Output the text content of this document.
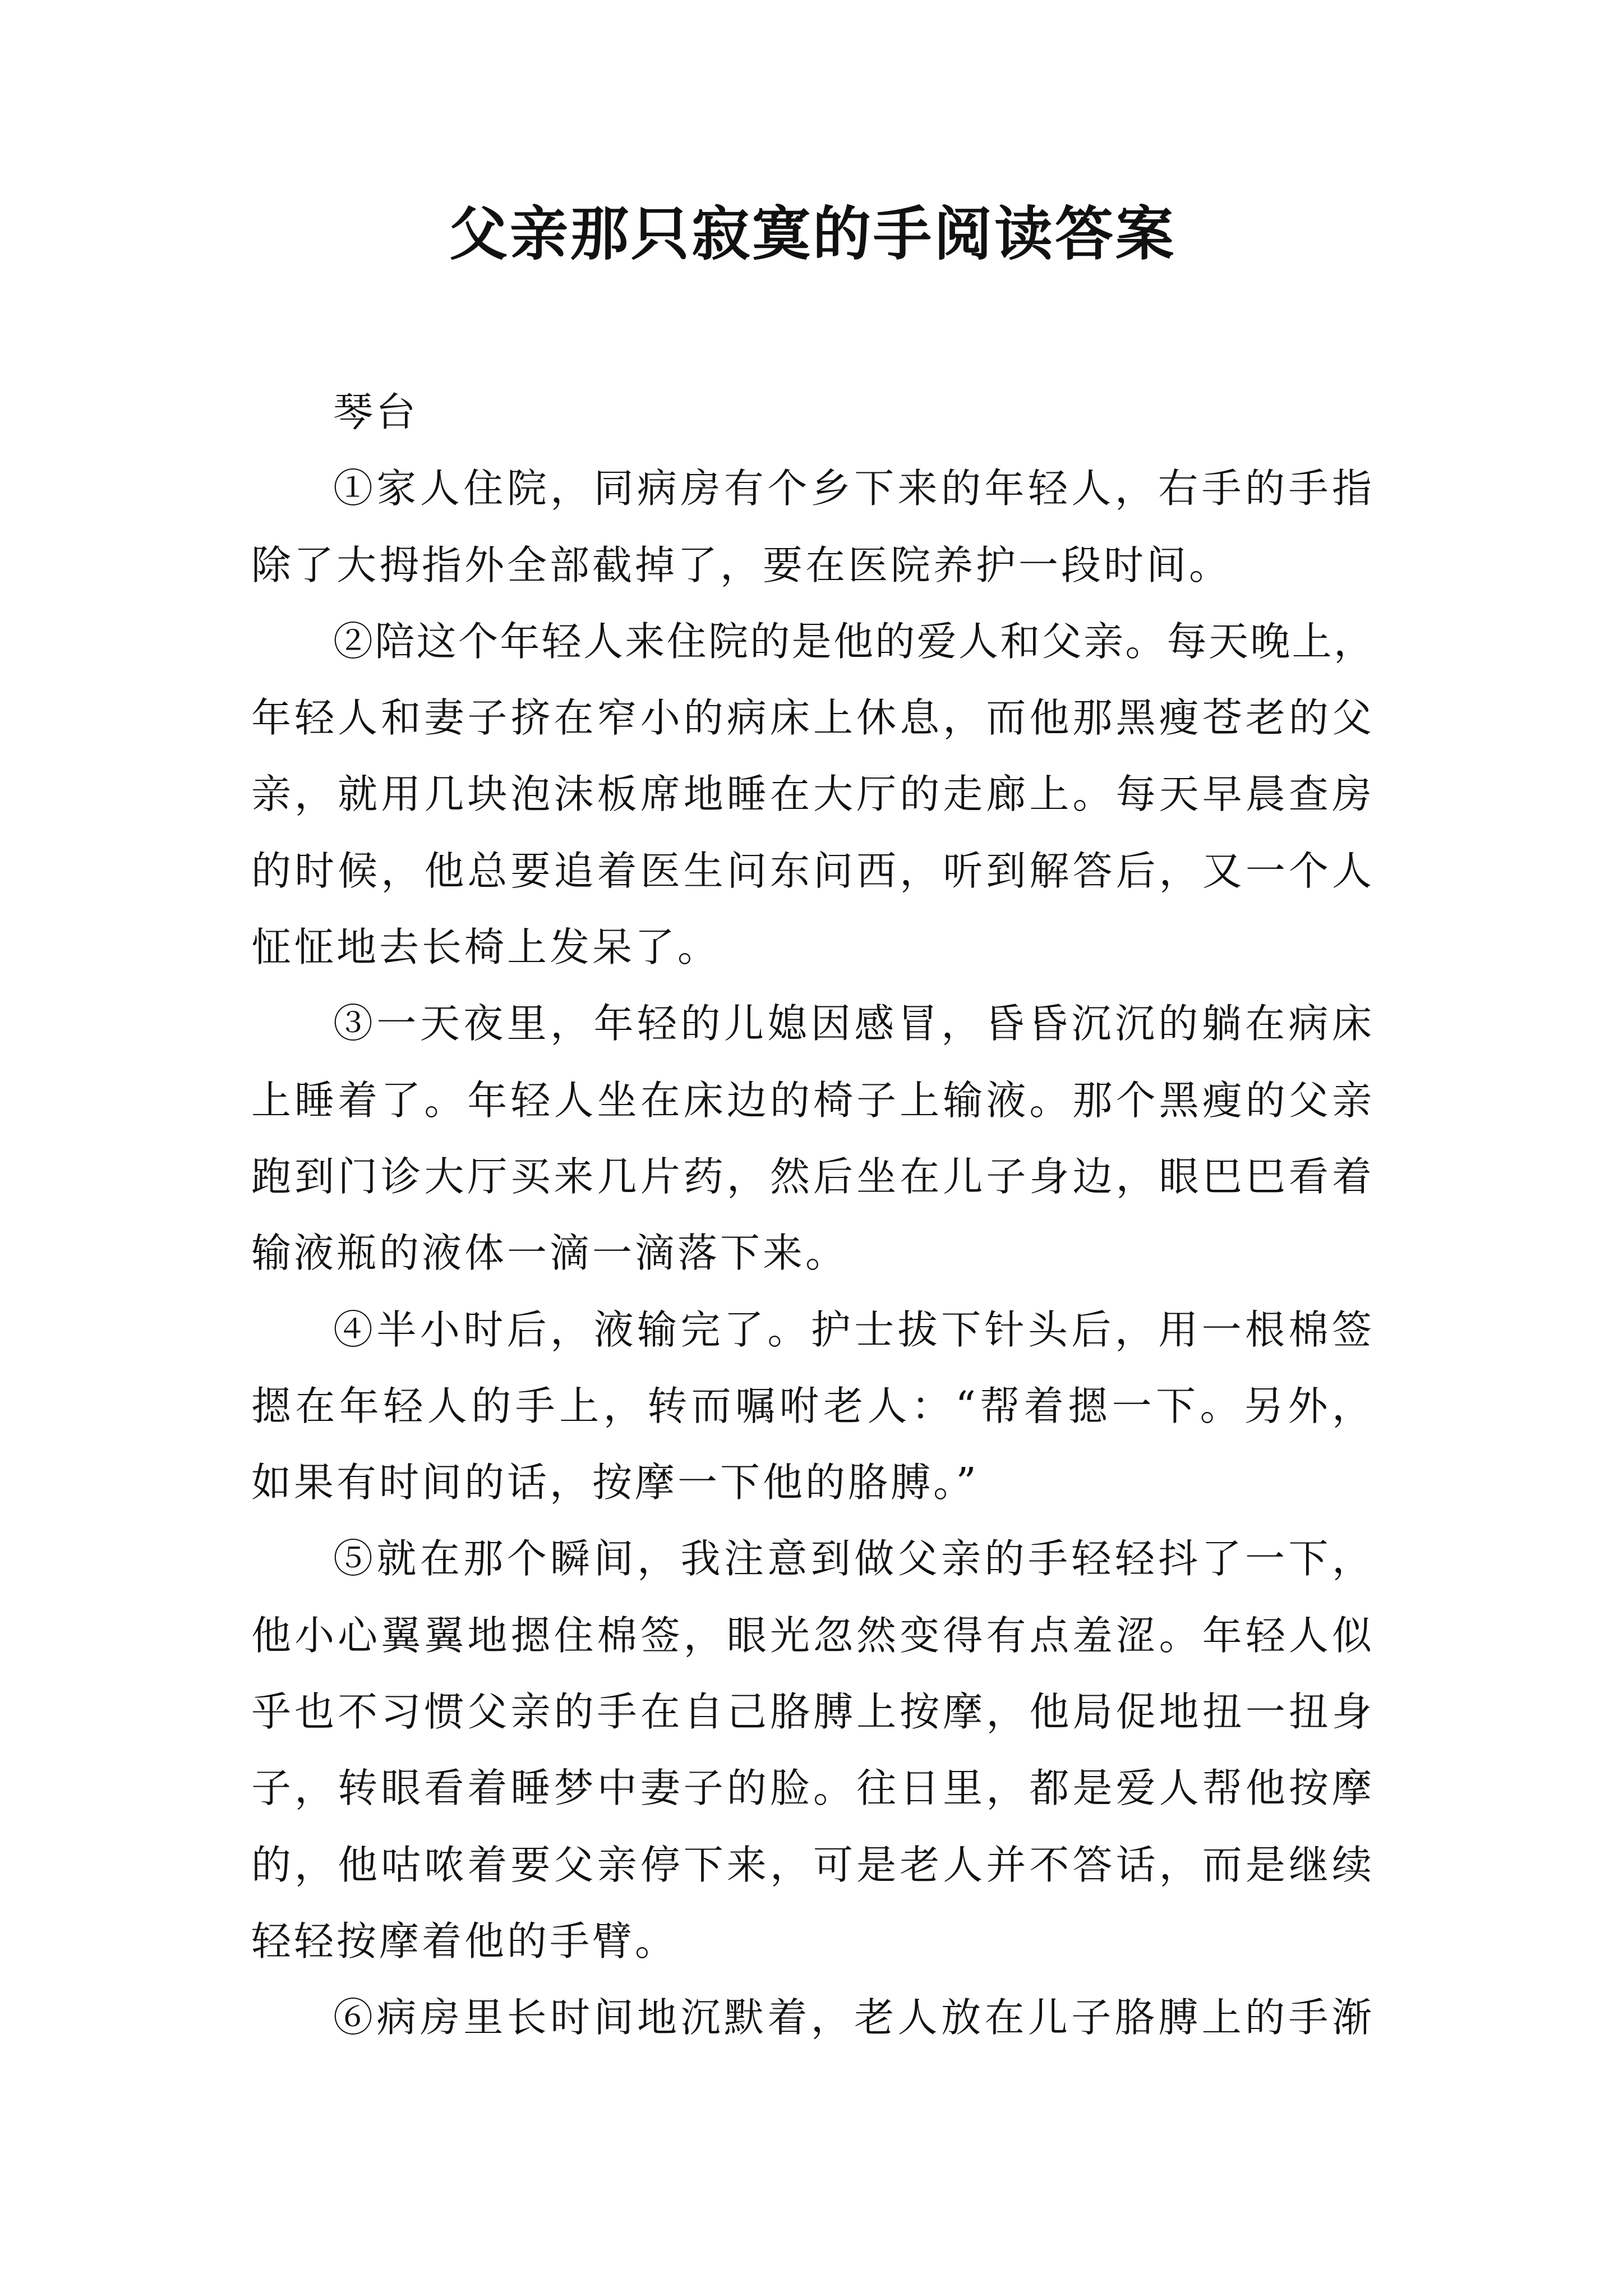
父亲那只寂寞的手阅读答案
琴台
①家人住院，同病房有个乡下来的年轻人，右手的手指
除了大拇指外全部截掉了，要在医院养护一段时间。
②陪这个年轻人来住院的是他的爱人和父亲。每天晚上，
年轻人和妻子挤在窄小的病床上休息，而他那黑瘦苍老的父
亲，就用几块泡沫板席地睡在大厅的走廊上。每天早晨查房
的时候，他总要追着医生问东问西，听到解答后，又一个人
怔怔地去长椅上发呆了。
③一天夜里，年轻的儿媳因感冒，昏昏沉沉的躺在病床
上睡着了。年轻人坐在床边的椅子上输液。那个黑瘦的父亲
跑到门诊大厅买来几片药，然后坐在儿子身边，眼巴巴看着
输液瓶的液体一滴一滴落下来。
④半小时后，液输完了。护士拔下针头后，用一根棉签
摁在年轻人的手上，转而嘱咐老人：“帮着摁一下。另外，
如果有时间的话，按摩一下他的胳膊。”
⑤就在那个瞬间，我注意到做父亲的手轻轻抖了一下，
他小心翼翼地摁住棉签，眼光忽然变得有点羞涩。年轻人似
乎也不习惯父亲的手在自己胳膊上按摩，他局促地扭一扭身
子，转眼看着睡梦中妻子的脸。往日里，都是爱人帮他按摩
的，他咕哝着要父亲停下来，可是老人并不答话，而是继续
轻轻按摩着他的手臂。
⑥病房里长时间地沉默着，老人放在儿子胳膊上的手渐
